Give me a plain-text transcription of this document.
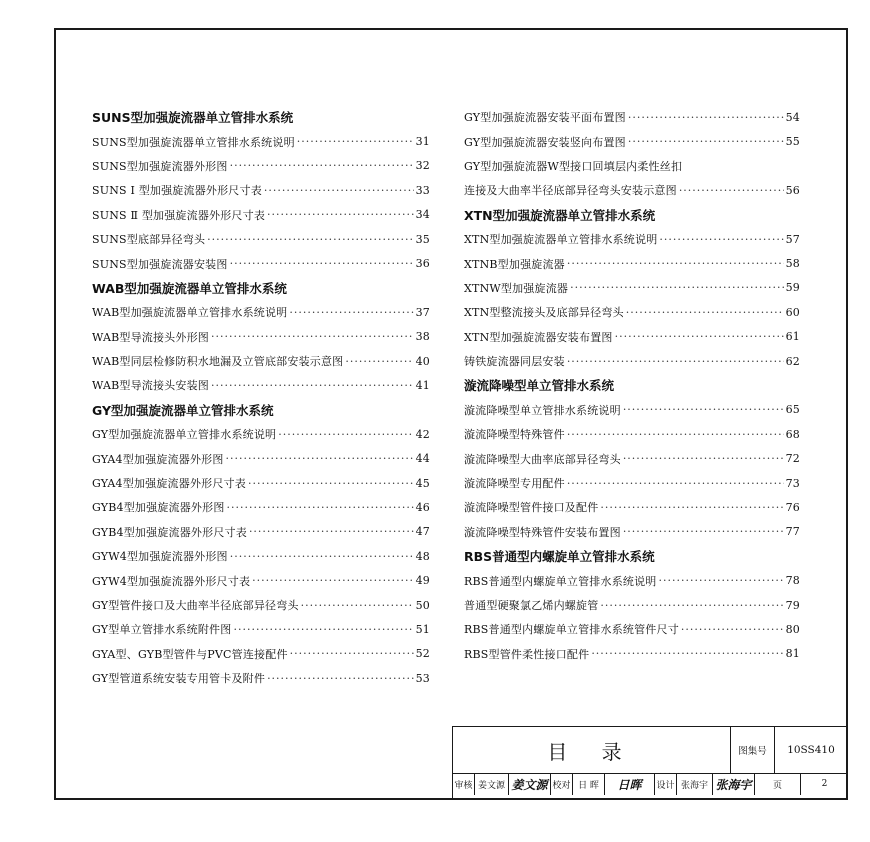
SUNS型加强旋流器单立管排水系统
SUNS型加强旋流器单立管排水系统说明 ·····	31
SUNS型加强旋流器外形图 ·····	32
SUNS Ⅰ 型加强旋流器外形尺寸表 ·····	33
SUNS Ⅱ 型加强旋流器外形尺寸表 ·····	34
SUNS型底部异径弯头 ·····	35
SUNS型加强旋流器安装图 ·····	36
WAB型加强旋流器单立管排水系统
WAB型加强旋流器单立管排水系统说明 ·····	37
WAB型导流接头外形图 ·····	38
WAB型同层检修防积水地漏及立管底部安装示意图 ·····	40
WAB型导流接头安装图 ·····	41
GY型加强旋流器单立管排水系统
GY型加强旋流器单立管排水系统说明 ·····	42
GYA4型加强旋流器外形图 ·····	44
GYA4型加强旋流器外形尺寸表 ·····	45
GYB4型加强旋流器外形图 ·····	46
GYB4型加强旋流器外形尺寸表 ·····	47
GYW4型加强旋流器外形图 ·····	48
GYW4型加强旋流器外形尺寸表 ·····	49
GY型管件接口及大曲率半径底部异径弯头 ·····	50
GY型单立管排水系统附件图 ·····	51
GYA型、GYB型管件与PVC管连接配件 ·····	52
GY型管道系统安装专用管卡及附件 ·····	53
GY型加强旋流器安装平面布置图 ·····	54
GY型加强旋流器安装竖向布置图 ·····	55
GY型加强旋流器W型接口回填层内柔性丝扣
连接及大曲率半径底部异径弯头安装示意图 ·····	56
XTN型加强旋流器单立管排水系统
XTN型加强旋流器单立管排水系统说明 ·····	57
XTNB型加强旋流器 ·····	58
XTNW型加强旋流器 ·····	59
XTN型整流接头及底部异径弯头 ·····	60
XTN型加强旋流器安装布置图 ·····	61
铸铁旋流器同层安装 ·····	62
漩流降噪型单立管排水系统
漩流降噪型单立管排水系统说明 ·····	65
漩流降噪型特殊管件 ·····	68
漩流降噪型大曲率底部异径弯头 ·····	72
漩流降噪型专用配件 ·····	73
漩流降噪型管件接口及配件 ·····	76
漩流降噪型特殊管件安装布置图 ·····	77
RBS普通型内螺旋单立管排水系统
RBS普通型内螺旋单立管排水系统说明 ·····	78
普通型硬聚氯乙烯内螺旋管 ·····	79
RBS普通型内螺旋单立管排水系统管件尺寸 ·····	80
RBS型管件柔性接口配件 ·····	81
目 录	图集号	10SS410
审核 姜文源 姜文源 校对 日 晖	日晖	设计 张海宇 张海宇	页	2
